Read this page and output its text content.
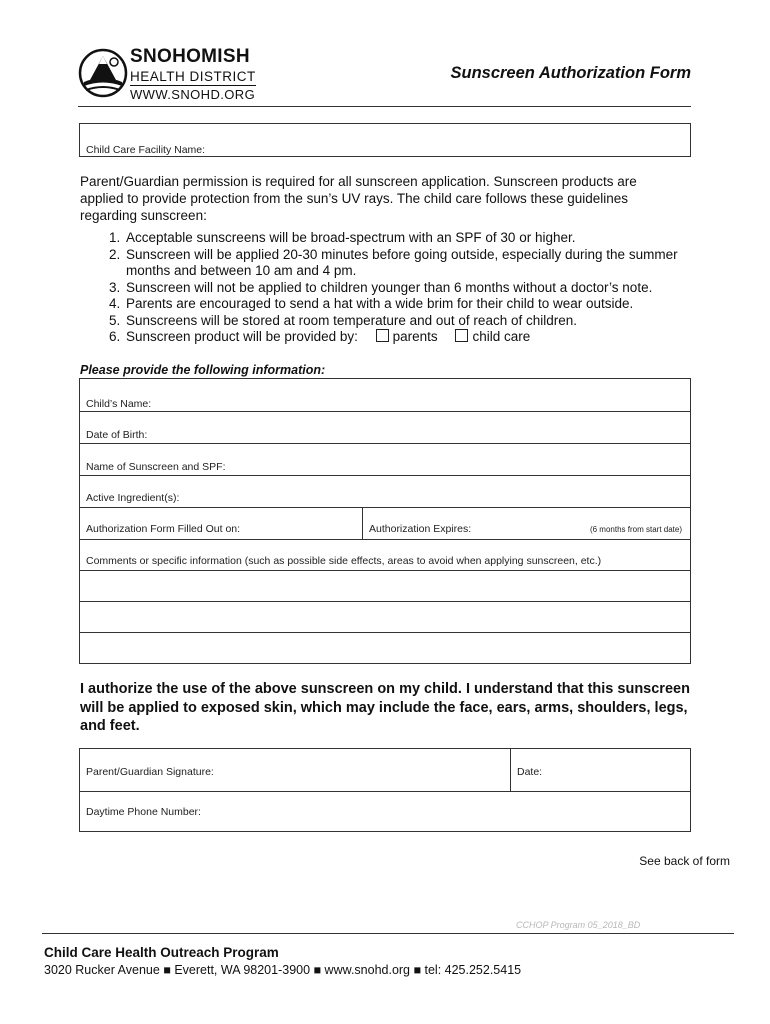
SNOHOMISH
HEALTH DISTRICT
WWW.SNOHD.ORG
Sunscreen Authorization Form
Child Care Facility Name:
Parent/Guardian permission is required for all sunscreen application. Sunscreen products are applied to provide protection from the sun’s UV rays. The child care follows these guidelines regarding sunscreen:
1. Acceptable sunscreens will be broad-spectrum with an SPF of 30 or higher.
2. Sunscreen will be applied 20-30 minutes before going outside, especially during the summer months and between 10 am and 4 pm.
3. Sunscreen will not be applied to children younger than 6 months without a doctor’s note.
4. Parents are encouraged to send a hat with a wide brim for their child to wear outside.
5. Sunscreens will be stored at room temperature and out of reach of children.
6. Sunscreen product will be provided by:	parents	child care
Please provide the following information:
Child’s Name:
Date of Birth:
Name of Sunscreen and SPF:
Active Ingredient(s):
Authorization Form Filled Out on:	Authorization Expires:	(6 months from start date)
Comments or specific information (such as possible side effects, areas to avoid when applying sunscreen, etc.)
I authorize the use of the above sunscreen on my child. I understand that this sunscreen will be applied to exposed skin, which may include the face, ears, arms, shoulders, legs, and feet.
Parent/Guardian Signature:	Date:
Daytime Phone Number:
See back of form
CCHOP Program 05_2018_BD
Child Care Health Outreach Program
3020 Rucker Avenue ■ Everett, WA 98201-3900 ■ www.snohd.org ■ tel: 425.252.5415
